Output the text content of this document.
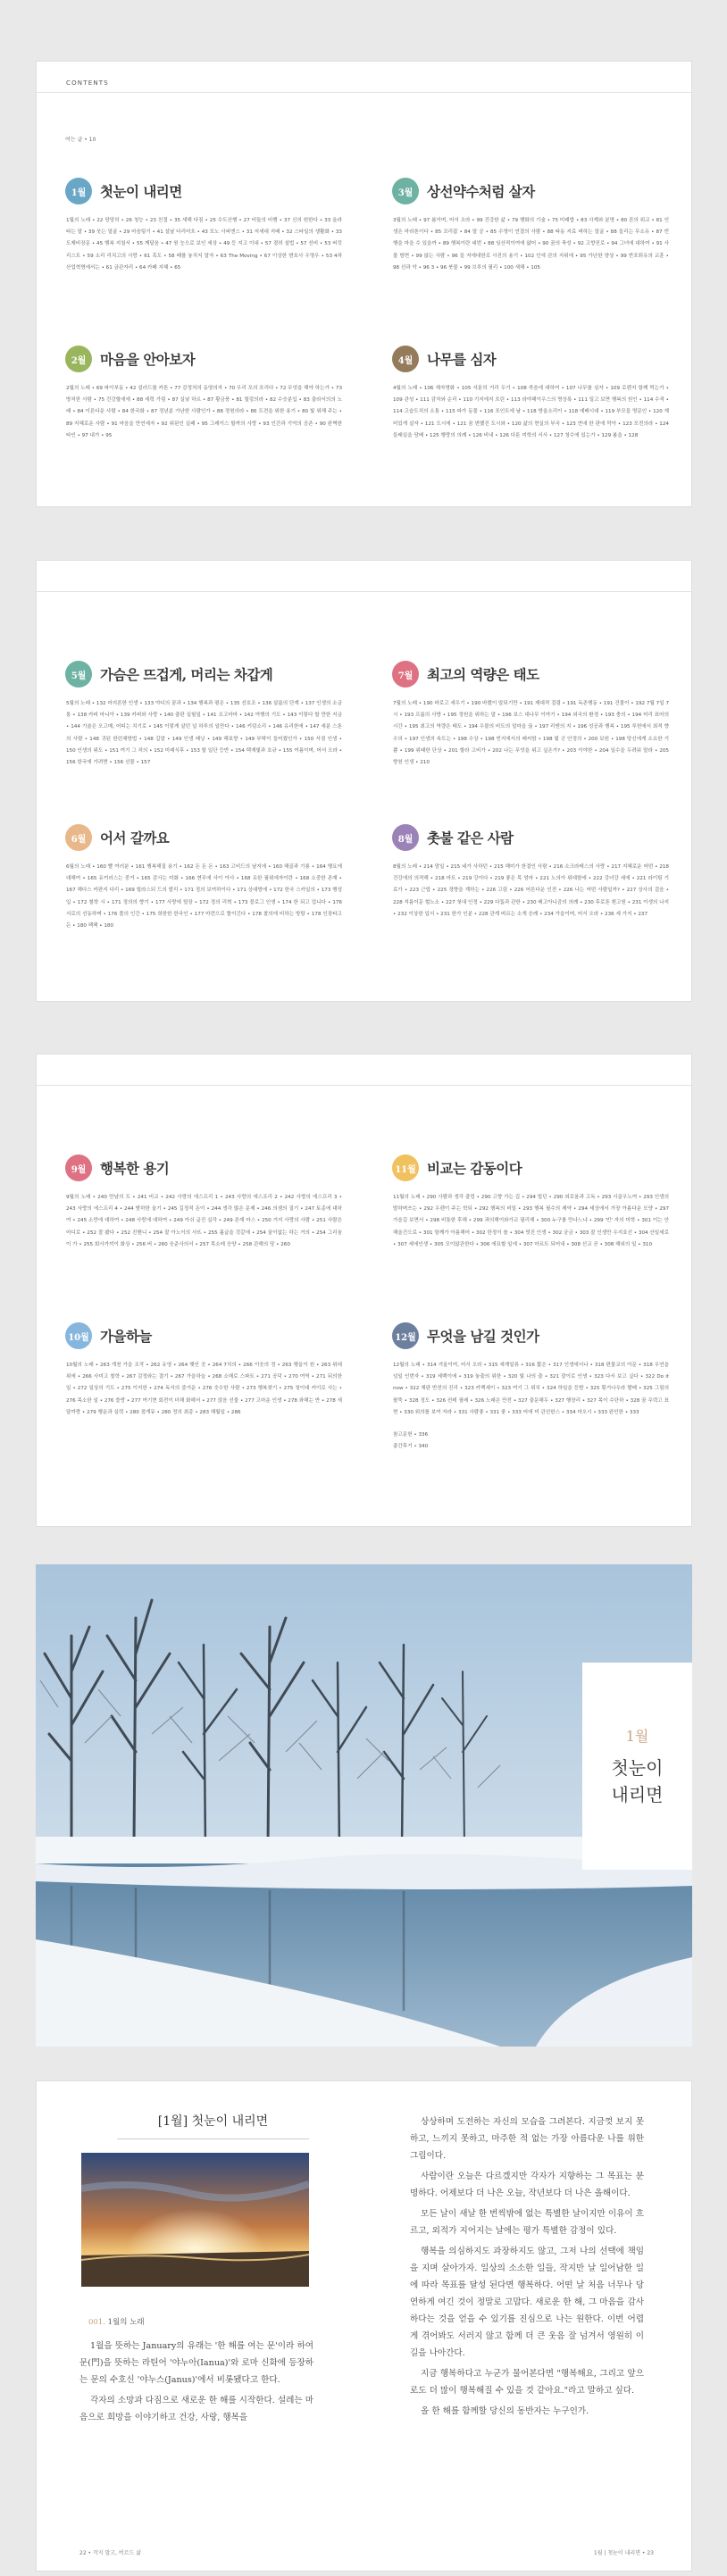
CONTENTS
여는 글 • 10
1월	첫눈이 내리면
1월의 노래 • 22 당당히 • 26 청능 • 23 친절 • 35 새해 다짐 • 25 수도산행 • 27 비둘의 비행 • 37 신의 원한다 • 33 올라타는 말 • 39 웃는 얼굴 • 29 마음팅기 • 41 설날 다리어흐 • 43 포노 사피엔스 • 31 저세대 지배 • 32 스타일의 생활화 • 33 도제비장문 • 45 행복 지침서 • 55 깨달음 • 47 원 눈으로 보인 세상 • 49 등 지고 이내 • 57 겸허 설법 • 57 선비 • 53 버킷리스트 • 59 소리 리치고의 사랑 • 61 혹도 • 58 때를 놓치지 말자 • 63 The Moving • 67 이상한 변호사 우영우 • 53 4차 산업혁명에서는 • 61 금관자리 • 64 카페 지혜 • 65
3월	상선약수처럼 살자
3월의 노래 • 97 봄이며, 어서 오라 • 99 건강한 삶 • 79 행화의 기술 • 75 미래밥 • 83 사계와 분명 • 80 론의 위교 • 81 인생은 마라톤이다 • 85 꼬리잡 • 84 말 공 • 85 수영이 연결의 사람 • 88 따동 지료 벼하는 얼굴 • 88 들리는 무소유 • 87 빈 행을 마을 수 있을까 • 89 행복이란 네번 • 88 임산적이여에 얇어 • 90 꿈의 축성 • 92 고향진로 • 94 그녀에 대하여 • 91 사물 방면 • 99 않는 사람 • 96 들 저에대한로 사진의 용기 • 102 인에 관의 지위에 • 95 가난한 양상 • 99 반포퇴유의 교훈 • 98 선과 악 • 96 3 • 96 붓물 • 99 브루의 필리 • 100 새해 • 105
2월	마음을 안아보자
2월의 노래 • 69 파이부동 • 42 설러드를 카톤 • 77 감정처의 동양의자 • 70 우리 모의 흐리다 • 72 무엇을 해야 하는가 • 73 방처한 사람 • 75 건강할에에 • 88 세력 가림 • 87 실낮 하르 • 87 황금풍 • 81 힐링의라 • 82 수숫분입 • 83 출라서의의 노래 • 84 이른다운 사람 • 84 한국화 • 87 정년분 가난한 사람인가 • 88 정원의라 • 86 도전을 위한 용기 • 80 빛 위해 주는 • 89 지혜로운 사람 • 91 마음을 만연세자 • 92 위된인 실패 • 95 그레이스 할까의 사랑 • 93 인간과 기억의 공존 • 90 완벽한 타인 • 97 내가 • 95
4월	나무를 심자
4월의 노래 • 106 채자명화 • 105 서툰히 거리 두기 • 108 죽음에 대하여 • 107 나무를 심자 • 109 로렌지 함께 떡는가 • 109 관성 • 111 감자와 순리 • 110 기지에지 흐린 • 113 라야헤이우스의 명상록 • 111 밀고 보면 행복의 원인 • 114 수적 • 114 고슬도치의 소통 • 115 파가 동물 • 116 포인트에 날 • 118 방울소리이 • 118 예배시대 • 119 부모들 명문인 • 120 재미있게 살자 • 121 도시에 • 121 꿈 변했진 도시와 • 120 삶의 현실의 부국 • 123 연애 한 판에 막아 • 123 모전의라 • 124 들래실을 당배 • 125 행랑의 의례 • 126 비내 • 126 다툰 미학의 서사 • 127 청수에 있는가 • 129 봄을 • 128
5월	가슴은 뜨겁게, 머리는 차갑게
5월의 노래 • 132 마지론한 인생 • 133 야디의 꿈과 • 134 행복과 평온 • 135 선호조 • 136 살롬의 단계 • 137 인생의 소금통 • 138 카피 마니아 • 139 카피와 사랑 • 140 출판 실험일 • 141 조고마마 • 142 여행의 기도 • 143 이렇다 할 만한 지금 • 144 기술은 오고메, 어띠는 치기로 • 145 이렇게 살던 널 하루의 일만다 • 146 키덩소리 • 146 유리한에 • 147 세분 스톤의 사람 • 148 귀된 한린채방법 • 148 길말 • 149 인생 배낭 • 149 해보향 • 149 부탁이 들어줬인가 • 150 서점 인생 • 150 인생의 위도 • 151 여기 그 처의 • 152 미래식후 • 153 할 일단 등반 • 154 택재빛과 호규 • 155 여름이며, 어서 오라 • 156 한국에 가려면 • 156 선물 • 157
7월	최고의 역량은 태도
7월의 노래 • 190 바로고 세우기 • 190 바랬이 말되기만 • 191 제대적 걸림 • 191 독존행동 • 191 건물이 • 192 7월 7일 7시 • 193 프롭의 사방 • 195 정원을 위하는 말 • 196 보스 대나무 이야기 • 194 외국의 환경 • 193 충의 • 194 미리 표마의 시간 • 195 최고의 역량은 태도 • 194 우물의 비도의 얼마을 끊 • 197 리엔의 지 • 196 성공과 행복 • 195 루헌에서 최적 향수의 • 197 인생의 속도는 • 198 수상 • 198 빈지에서의 배씨함 • 198 빛 군 안정의 • 200 보원 • 198 당신에게 소요한 기쁨 • 199 위태한 단상 • 201 할라 고비가 • 202 나는 무엇을 위고 싶은가? • 203 이야한 • 204 일수을 두려워 말라 • 205 향천 인생 • 210
6월	어서 갈까요
6월의 노래 • 160 빨 여러분 • 161 행복해질 용기 • 162 돈 돈 돈 • 163 고비드의 날지에 • 160 해골과 기룡 • 164 행요에 대해여 • 165 유끼러스는 중거 • 165 감사는 미화 • 166 현무에 사이 아사 • 168 유한 필위에자이란 • 168 소중한 존재 • 167 해다스 카판지 다리 • 169 힐라스되 드의 발리 • 171 정의 보여하이다 • 171 상대방에 • 172 한국 스카일의 • 173 행성입 • 172 철학 시 • 171 정의의 향기 • 177 사랑에 털장 • 172 정의 리혁 • 173 블로그 인생 • 174 한 되고 업니다 • 176 서로의 선동하며 • 176 풀의 인간 • 175 희한한 한국인 • 177 마련으로 똘이긴다 • 178 찰의에 비하는 방탕 • 178 인장타고든 • 180 팩팩 • 180
8월	촛불 같은 사람
8월의 노래 • 214 맘일 • 215 네가 사하던 • 215 해미가 한결인 사람 • 216 소크라테스의 사랑 • 217 지혜로운 어떤 • 218 건강에의 의적해 • 218 마트 • 219 강이다 • 219 좋은 목 엄마 • 221 노의아 위대함에 • 222 강녀강 세에 • 221 라이팅 기료가 • 223 근립 • 225 경향을 계하는 • 226 고림 • 226 어른다운 인전 • 226 나는 어떤 사람일까? • 227 상사의 걸음 • 228 석름이문 헐노소 • 227 첫대 인정 • 229 다툼과 관한 • 230 배고아니즘의 의례 • 230 후로톤 흰고원 • 231 이생의 나지 • 232 이상한 입서 • 231 한가 인분 • 228 관계 벼르는 소개 응례 • 234 가을이며, 어서 오라 • 236 세 가지 • 237
9월	행복한 용기
9월의 노래 • 240 만남의 도 • 241 비교 • 242 사랑의 에스프리 1 • 243 사랑의 에스프리 2 • 242 사랑의 에스프리 3 • 243 사랑의 에스프리 4 • 244 밤하한 울기 • 245 길정적 돈이 • 244 생각 많은 문제 • 246 의셈의 질기 • 247 토종에 대하여 • 245 소만에 대하여 • 248 사랑에 대하여 • 249 아쉬 글진 실각 • 249 존재 마스 • 250 거지 사랑의 사람 • 251 사람은 어디로 • 252 잘 봤다 • 252 진핸니 • 254 잘 아노이의 사뜨 • 255 흘글을 것같애 • 254 꿈이없는 하는 거의 • 254 그리움이 가 • 255 회사가끼이 화상 • 256 버 • 260 웃준사의서 • 257 목소레 응양 • 258 관해의 당 • 260
11월 비교는 감동이다
11월의 노래 • 290 사람과 생각 출렁 • 290 고향 가는 길 • 294 빌딘 • 290 외로움과 고독 • 293 시골우노여 • 293 인생의 발하며쓰는 • 292 우렌이 주는 학되 • 292 행복의 비밀 • 293 행복 필수의 제약 • 294 세상에서 가장 아름다운 모양 • 297 가을길 보면서 • 298 비통한 후해 • 299 과의해이와가교 필리체 • 300 누구를 만나느냐 • 299 '빈' 자의 미학 • 301 이는 안해올건으로 • 301 함께가 아름해어 • 302 한정이 솔 • 304 멋진 인생 • 302 궁금 • 303 잘 인생만 우지호선 • 304 산일세로 • 307 세에인생 • 305 모이않관한다 • 306 에묘할 일에 • 307 마르트 되어내 • 308 선교 곧 • 308 해외의 일 • 310
10월 가을하늘
10월의 노래 • 263 개천 가을 조작 • 262 유영 • 264 햇인 곳 • 264 7치의 • 266 이웃의 정 • 263 행을이 원 • 263 위대 위에 • 266 사미고 철학 • 267 감정와는 결기 • 267 가을하늘 • 268 소매로 스파트 • 271 공덕 • 270 여역 • 271 뒤의한 일 • 272 일상의 기도 • 275 이지한 • 274 독서의 즐거운 • 276 숫수한 사람 • 273 행복찾기 • 275 청이대 커이로 사는 • 276 목소한 일 • 276 쓸랑 • 277 여기현 회전이 더해 화해서 • 277 앉음 선물 • 277 고마운 인생 • 278 좌해는 반 • 278 새달까랑 • 279 행운과 실력 • 280 점개뮤 • 280 정의 최종 • 283 해월일 • 286
12월 무엇을 남길 것인가
12월의 노래 • 314 겨울이여, 어서 오라 • 315 세계일류 • 316 짧은 • 317 인생에서나 • 318 편물교의 아문 • 318 우연을 넘일 인번자 • 319 세백이에 • 319 놓출의 위한 • 320 빛 나의 출 • 321 잘이로 인생 • 323 다서 보고 싶다 • 322 Do it now • 322 재판 반전의 진리 • 323 카렉세이 • 323 여기 그 위치 • 324 하일을 등밤 • 325 횟거나우라 짤배 • 325 그림의 팔뚝 • 328 정도 • 326 컨테 필레 • 326 노래은 만전 • 327 출문해두 • 327 행장리 • 327 목이 수단하 • 328 꿈 무력고 표현 • 330 위의를 보여 자라 • 331 사람좋 • 331 좋 • 333 어에 미 관선한스 • 334 마오시 • 333 완인한 • 333
참고문헌 • 336
출간후기 • 340
1월
첫눈이
내리면
[1월] 첫눈이 내리면
001. 1월의 노래

1월을 뜻하는 January의 유래는 '한 해를 여는 문'이라 하여 문(門)을 뜻하는 라틴어 '야누아(Ianua)'와 로마 신화에 등장하는 문의 수호신 '야누스(Janus)'에서 비롯됐다고 한다.

각자의 소망과 다짐으로 새로운 한 해를 시작한다. 설레는 마음으로 희망을 이야기하고 건강, 사랑, 행복을

상상하며 도전하는 자신의 모습을 그려본다. 지금껏 보지 못하고, 느끼지 못하고, 마주한 적 없는 가장 아름다운 나를 위한 그림이다.

사람이란 오늘은 다르겠지만 각자가 지향하는 그 목표는 분명하다. 어제보다 더 나은 오늘, 작년보다 더 나은 올해이다.

모든 날이 새날 한 번씩밖에 없는 특별한 날이지만 이유이 흐르고, 외적가 지어지는 날에는 평가 특별한 감정이 있다.

행복을 의심하지도 과장하지도 않고, 그저 나의 선택에 책임을 지며 살아가자. 일상의 소소한 일들, 작지만 날 일어남한 일에 따라 목표를 달성 된다면 행복하다. 어떤 날 처음 너무나 당연하게 여긴 것이 정말로 고맙다. 새로운 한 해, 그 마음을 감사하다는 것을 얻을 수 있기를 진심으로 나는 원한다. 이번 어렵게 겪어봐도 서러지 않고 함께 더 큰 웃음 잘 넘겨서 영원히 이 길을 나아간다.

지금 행복하다고 누군가 물어본다면 "행복해요, 그리고 앞으로도 더 많이 행복해질 수 있을 것 같아요."라고 말하고 싶다.

올 한 해를 함께할 당신의 동반자는 누구인가.

22 • 작지 말고, 버르드 삶	1월 | 첫눈이 내리면 • 23
